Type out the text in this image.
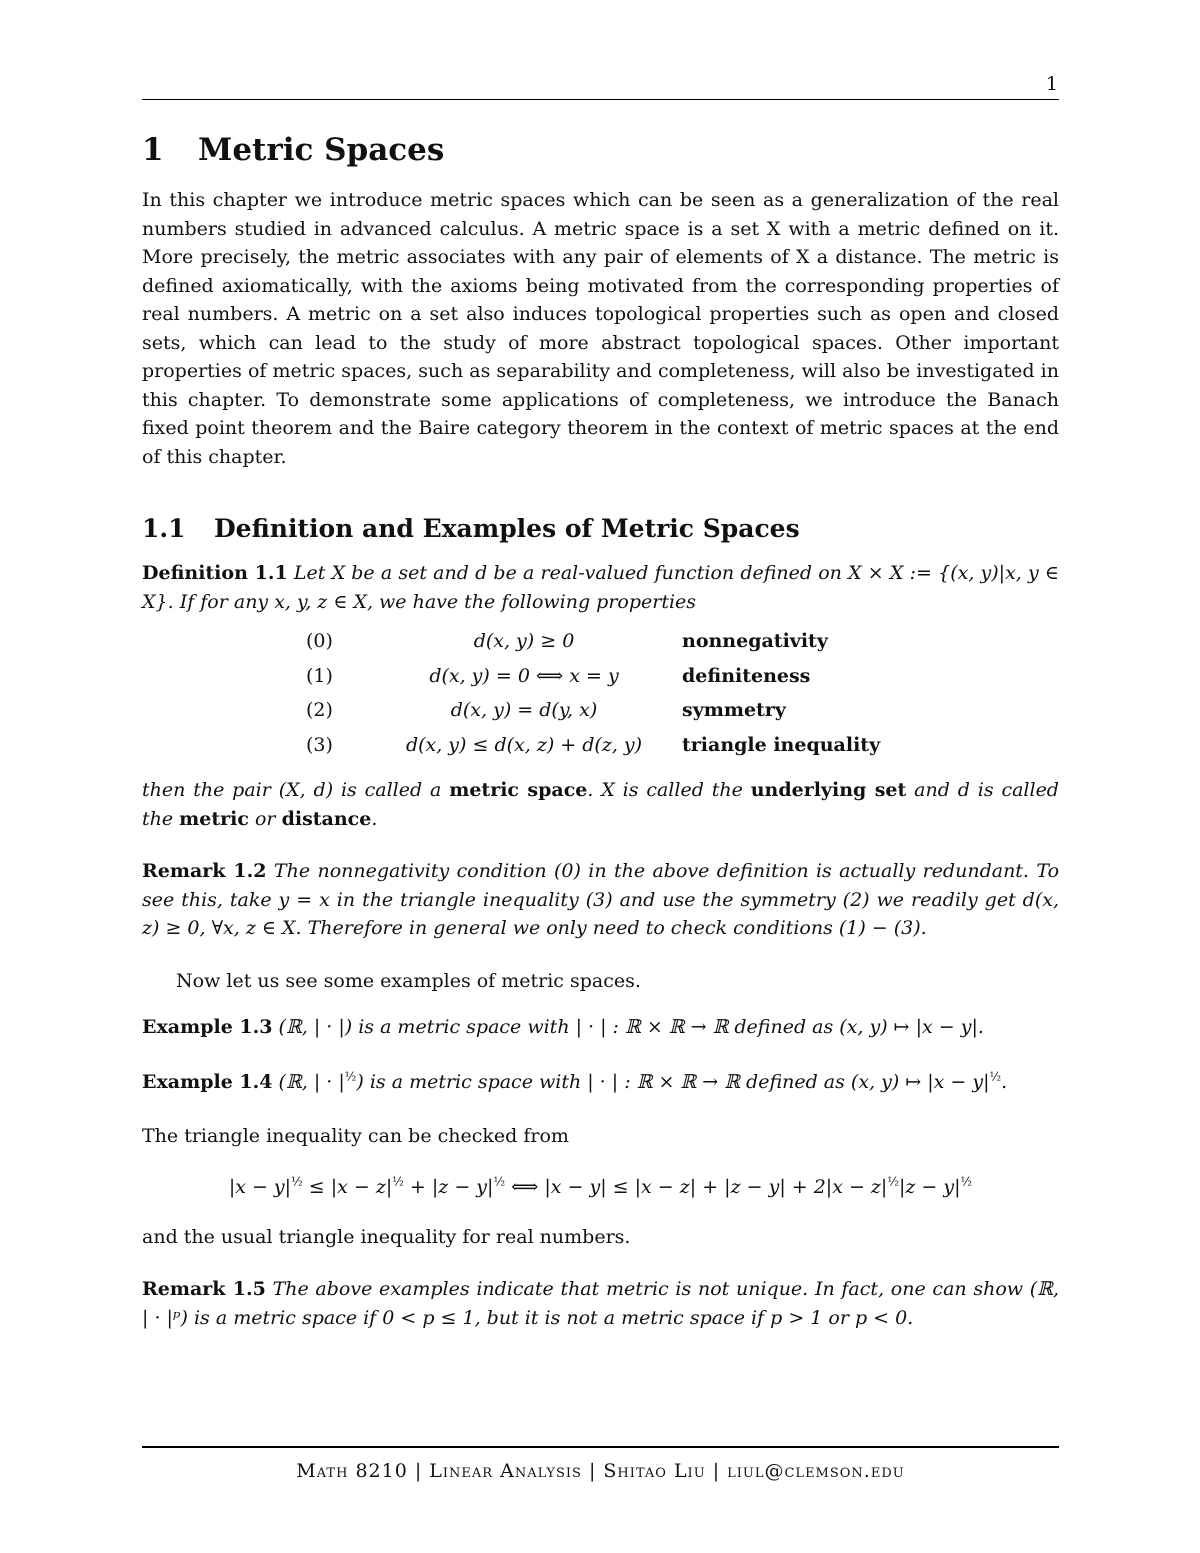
1
1 Metric Spaces

In this chapter we introduce metric spaces which can be seen as a generalization of the real numbers studied in advanced calculus. A metric space is a set X with a metric defined on it. More precisely, the metric associates with any pair of elements of X a distance. The metric is defined axiomatically, with the axioms being motivated from the corresponding properties of real numbers. A metric on a set also induces topological properties such as open and closed sets, which can lead to the study of more abstract topological spaces. Other important properties of metric spaces, such as separability and completeness, will also be investigated in this chapter. To demonstrate some applications of completeness, we introduce the Banach fixed point theorem and the Baire category theorem in the context of metric spaces at the end of this chapter.

1.1 Definition and Examples of Metric Spaces

Definition 1.1 Let X be a set and d be a real-valued function defined on X × X := {(x, y)|x, y ∈ X}. If for any x, y, z ∈ X, we have the following properties

(0)	d(x, y) ≥ 0	nonnegativity
(1)	d(x, y) = 0 ⟺ x = y	definiteness
(2)	d(x, y) = d(y, x)	symmetry
(3)	d(x, y) ≤ d(x, z) + d(z, y)	triangle inequality

then the pair (X, d) is called a metric space. X is called the underlying set and d is called the metric or distance.

Remark 1.2 The nonnegativity condition (0) in the above definition is actually redundant. To see this, take y = x in the triangle inequality (3) and use the symmetry (2) we readily get d(x, z) ≥ 0, ∀x, z ∈ X. Therefore in general we only need to check conditions (1) − (3).

Now let us see some examples of metric spaces.

Example 1.3 (ℝ, | · |) is a metric space with | · | : ℝ × ℝ → ℝ defined as (x, y) ↦ |x − y|.

Example 1.4 (ℝ, | · $|^{\frac{1}{2}}$) is a metric space with | · | : ℝ × ℝ → ℝ defined as (x, y) ↦ $|x - y|^{\frac{1}{2}}$.

The triangle inequality can be checked from

$|x - y|^{\frac{1}{2}} \le |x - z|^{\frac{1}{2}} + |z - y|^{\frac{1}{2}}$ ⟺ $|x - y| \le |x - z| + |z - y| + 2|x - z|^{\frac{1}{2}}|z - y|^{\frac{1}{2}}$

and the usual triangle inequality for real numbers.

Remark 1.5 The above examples indicate that metric is not unique. In fact, one can show (ℝ, | · |ᵖ) is a metric space if 0 < p ≤ 1, but it is not a metric space if p > 1 or p < 0.

Math 8210 | Linear Analysis | Shitao Liu | liul@clemson.edu
